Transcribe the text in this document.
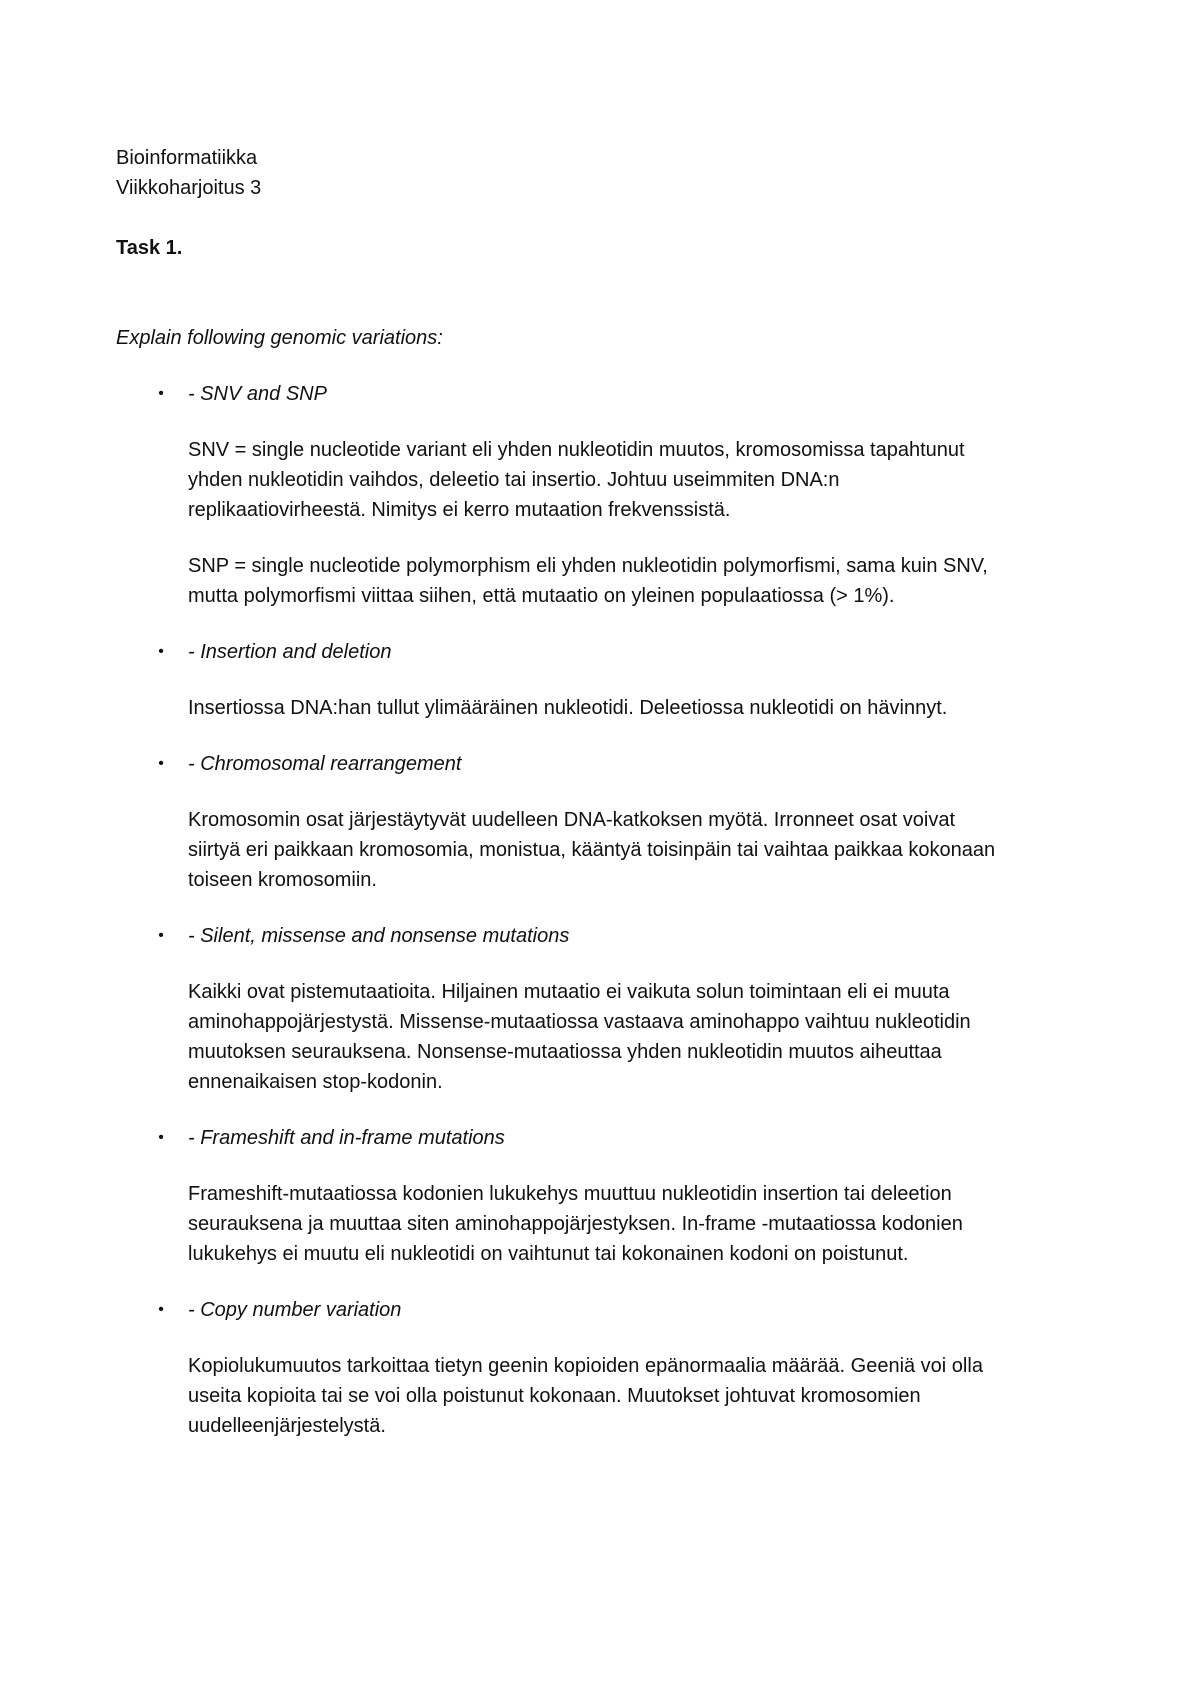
Bioinformatiikka

Viikkoharjoitus 3

Task 1.

Explain following genomic variations:

• - SNV and SNP

SNV = single nucleotide variant eli yhden nukleotidin muutos, kromosomissa tapahtunut

yhden nukleotidin vaihdos, deleetio tai insertio. Johtuu useimmiten DNA:n

replikaatiovirheestä. Nimitys ei kerro mutaation frekvenssistä.

SNP = single nucleotide polymorphism eli yhden nukleotidin polymorfismi, sama kuin SNV,

mutta polymorfismi viittaa siihen, että mutaatio on yleinen populaatiossa (> 1%).

• - Insertion and deletion

Insertiossa DNA:han tullut ylimääräinen nukleotidi. Deleetiossa nukleotidi on hävinnyt.

• - Chromosomal rearrangement

Kromosomin osat järjestäytyvät uudelleen DNA-katkoksen myötä. Irronneet osat voivat

siirtyä eri paikkaan kromosomia, monistua, kääntyä toisinpäin tai vaihtaa paikkaa kokonaan

toiseen kromosomiin.

• - Silent, missense and nonsense mutations

Kaikki ovat pistemutaatioita. Hiljainen mutaatio ei vaikuta solun toimintaan eli ei muuta

aminohappojärjestystä. Missense-mutaatiossa vastaava aminohappo vaihtuu nukleotidin

muutoksen seurauksena. Nonsense-mutaatiossa yhden nukleotidin muutos aiheuttaa

ennenaikaisen stop-kodonin.

• - Frameshift and in-frame mutations

Frameshift-mutaatiossa kodonien lukukehys muuttuu nukleotidin insertion tai deleetion

seurauksena ja muuttaa siten aminohappojärjestyksen. In-frame -mutaatiossa kodonien

lukukehys ei muutu eli nukleotidi on vaihtunut tai kokonainen kodoni on poistunut.

• - Copy number variation

Kopiolukumuutos tarkoittaa tietyn geenin kopioiden epänormaalia määrää. Geeniä voi olla

useita kopioita tai se voi olla poistunut kokonaan. Muutokset johtuvat kromosomien

uudelleenjärjestelystä.
